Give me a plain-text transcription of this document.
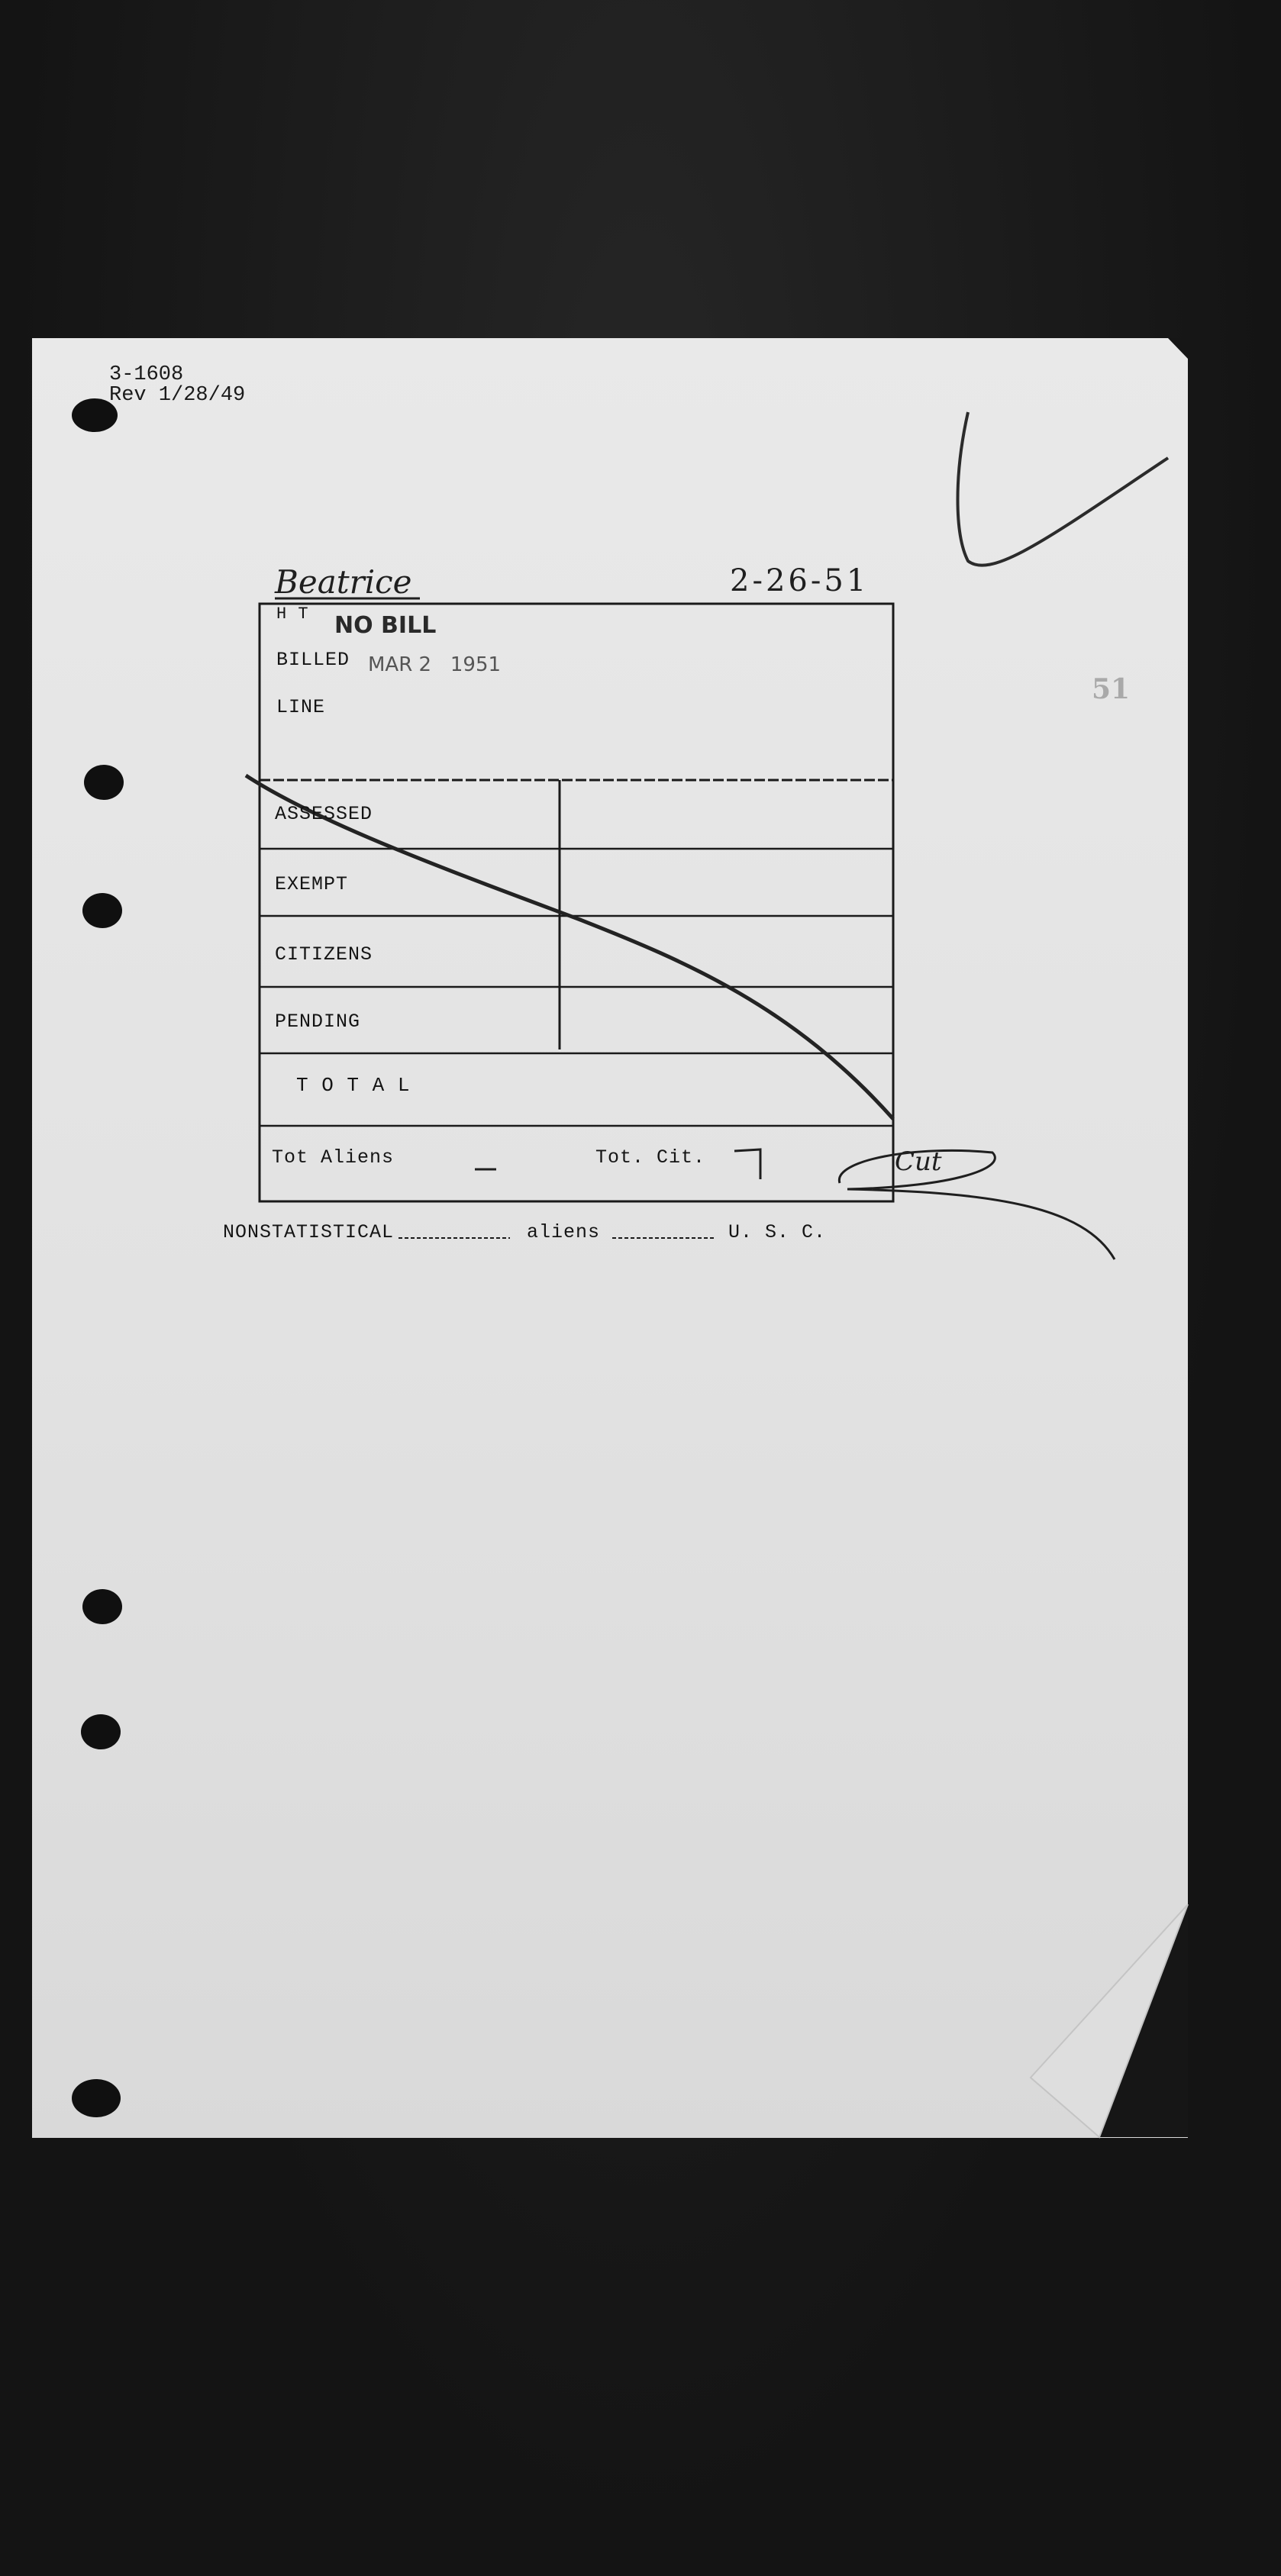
3-1608
Rev 1/28/49
Beatrice	2-26-51
H T NO BILL
BILLED MAR 2   1951
LINE
ASSESSED
EXEMPT
CITIZENS
PENDING
T O T A L
Tot Aliens	Tot. Cit.	Cut
NONSTATISTICAL	aliens	U. S. C.
51
